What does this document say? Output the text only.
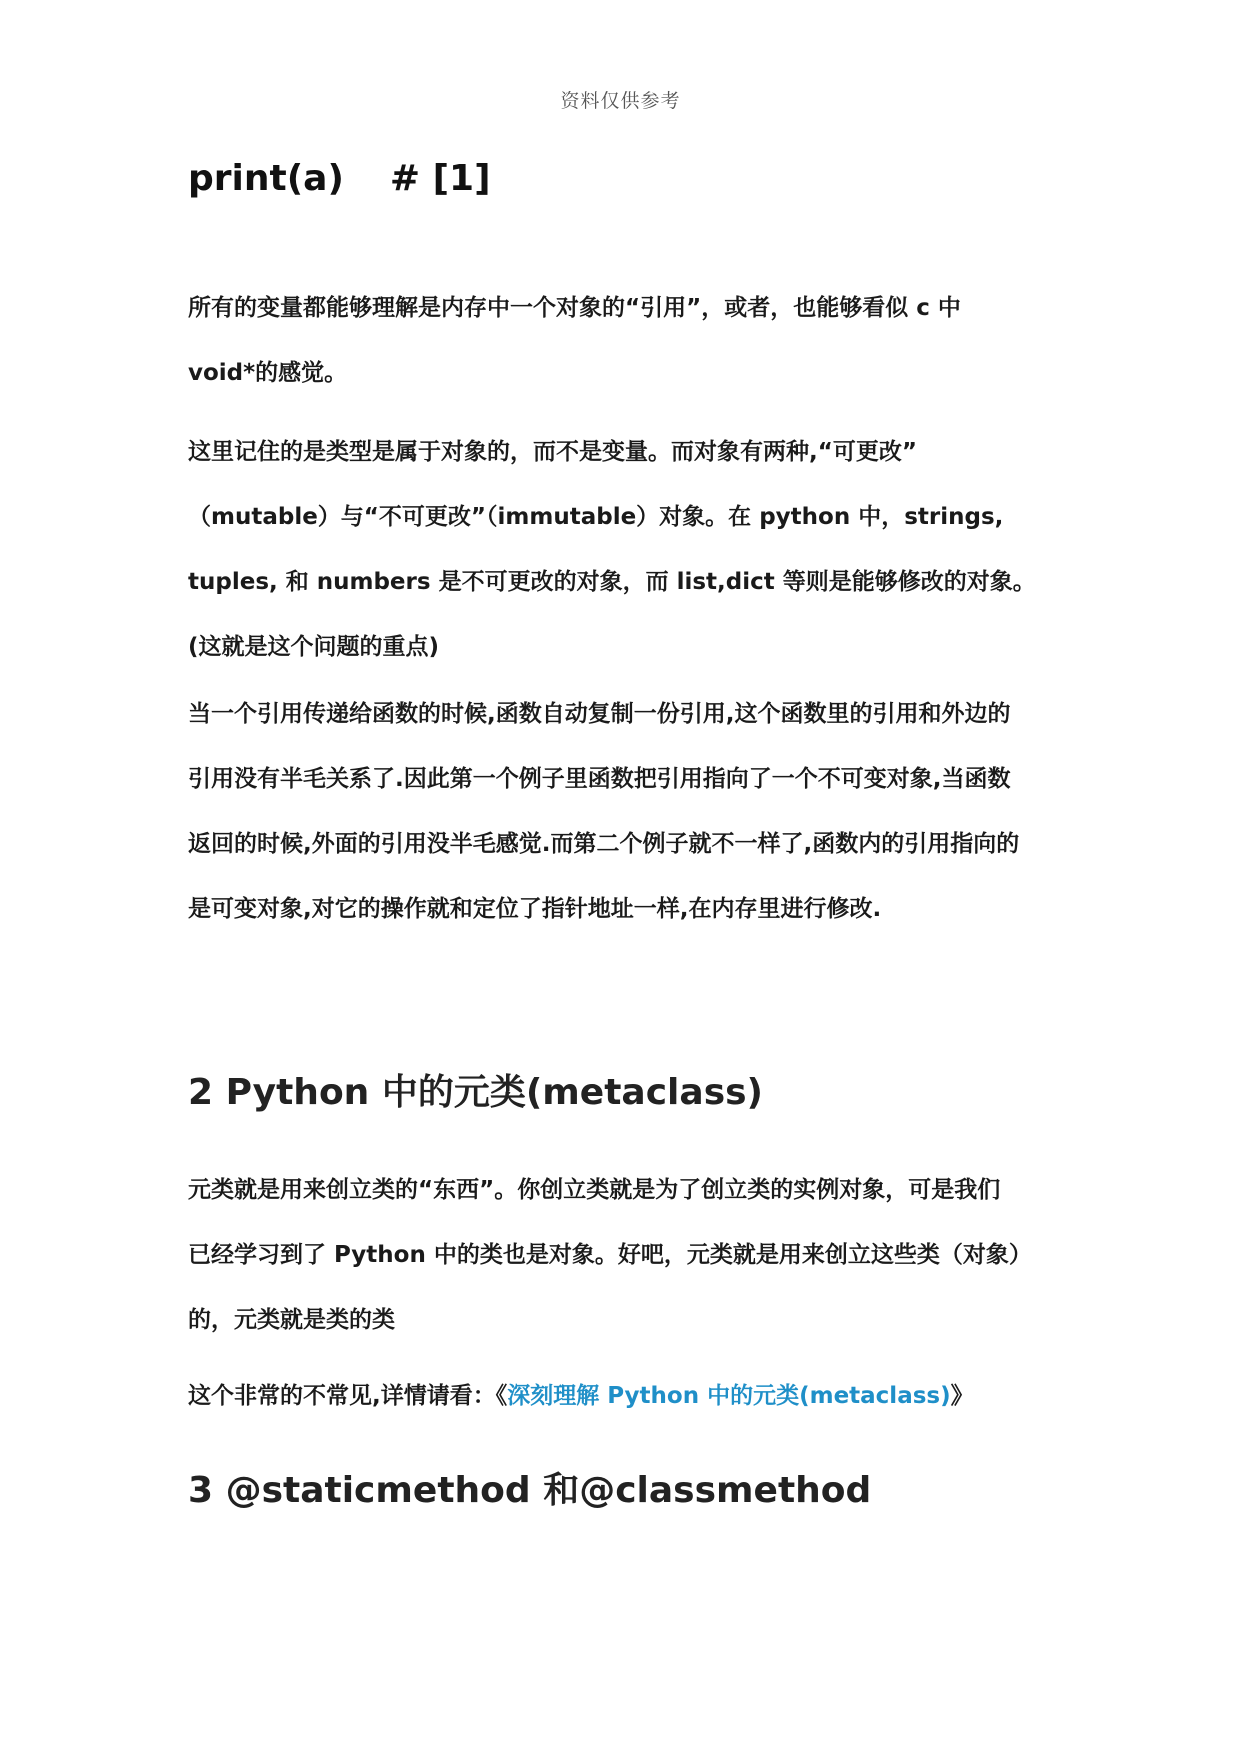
资料仅供参考
print(a) # [1]

所有的变量都能够理解是内存中一个对象的“引用”，或者，也能够看似 c 中
void*的感觉。

这里记住的是类型是属于对象的，而不是变量。而对象有两种,“可更改”
（mutable）与“不可更改”（immutable）对象。在 python 中，strings,
tuples, 和 numbers 是不可更改的对象，而 list,dict 等则是能够修改的对象。
(这就是这个问题的重点)

当一个引用传递给函数的时候,函数自动复制一份引用,这个函数里的引用和外边的
引用没有半毛关系了.因此第一个例子里函数把引用指向了一个不可变对象,当函数
返回的时候,外面的引用没半毛感觉.而第二个例子就不一样了,函数内的引用指向的
是可变对象,对它的操作就和定位了指针地址一样,在内存里进行修改.

2 Python 中的元类(metaclass)

元类就是用来创立类的“东西”。你创立类就是为了创立类的实例对象，可是我们
已经学习到了 Python 中的类也是对象。好吧，元类就是用来创立这些类（对象）
的，元类就是类的类

这个非常的不常见,详情请看：《深刻理解 Python 中的元类(metaclass)》

3 @staticmethod 和@classmethod
